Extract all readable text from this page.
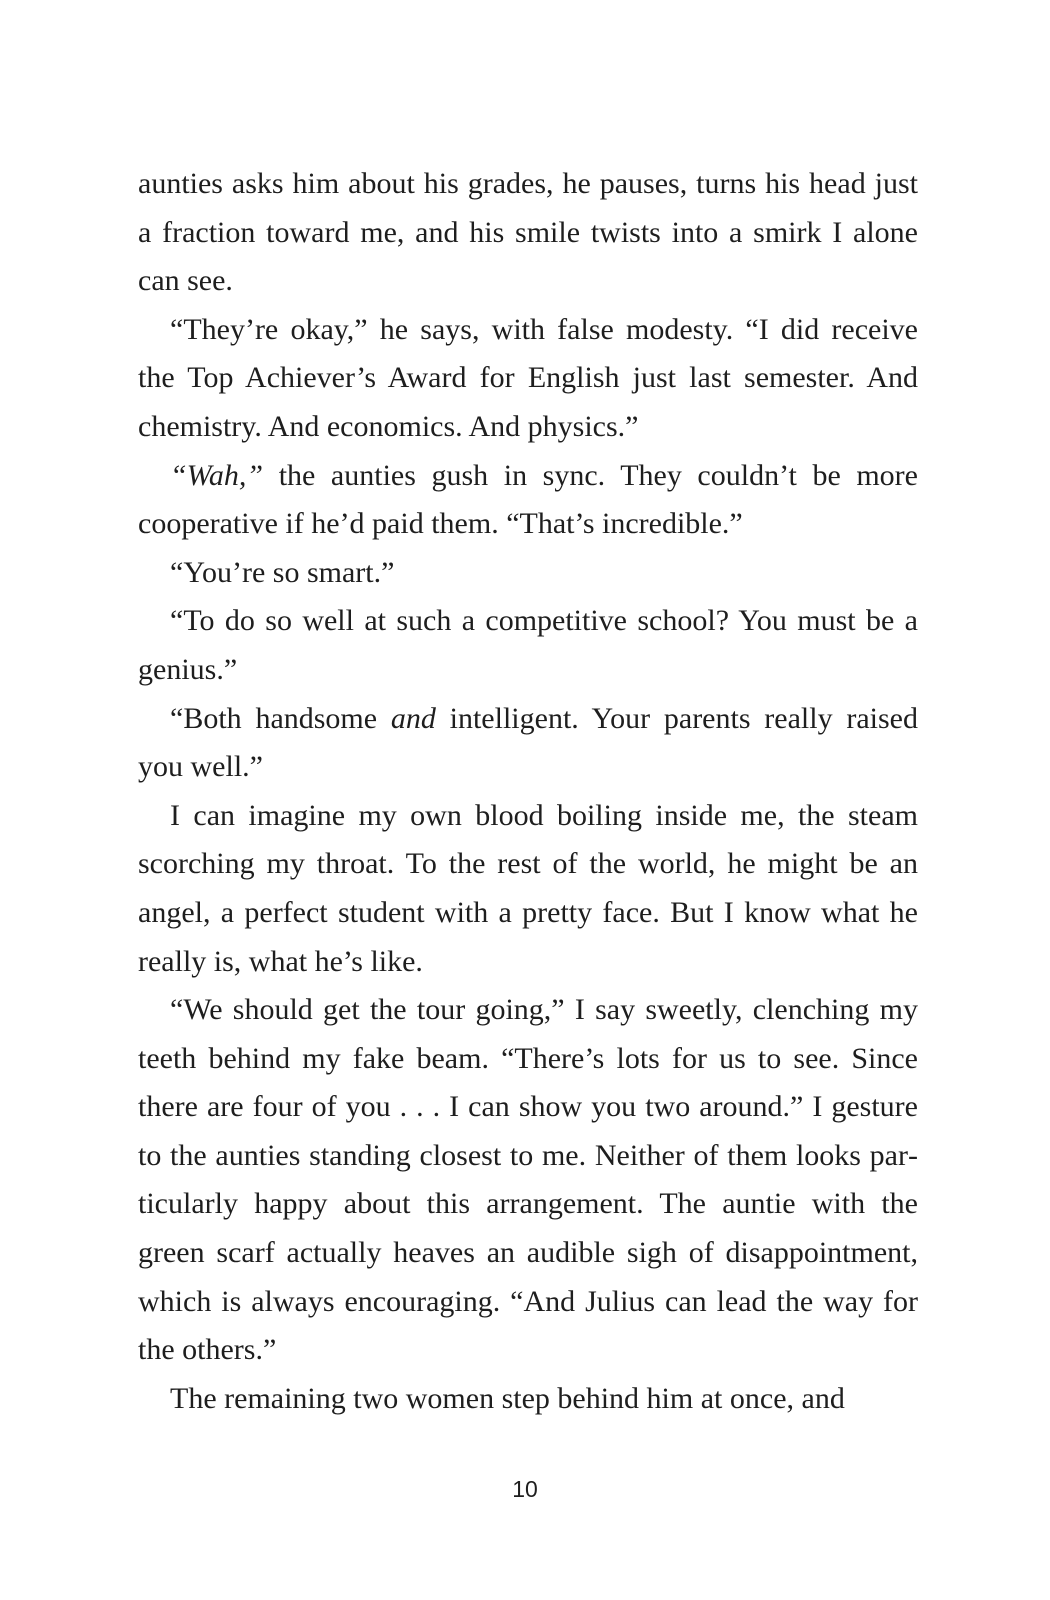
aunties asks him about his grades, he pauses, turns his head just a fraction toward me, and his smile twists into a smirk I alone can see.

“They’re okay,” he says, with false modesty. “I did receive the Top Achiever’s Award for English just last semester. And chemistry. And economics. And physics.”

“Wah,” the aunties gush in sync. They couldn’t be more cooperative if he’d paid them. “That’s incredible.”

“You’re so smart.”

“To do so well at such a competitive school? You must be a genius.”

“Both handsome and intelligent. Your parents really raised you well.”

I can imagine my own blood boiling inside me, the steam scorching my throat. To the rest of the world, he might be an angel, a perfect student with a pretty face. But I know what he really is, what he’s like.

“We should get the tour going,” I say sweetly, clenching my teeth behind my fake beam. “There’s lots for us to see. Since there are four of you . . . I can show you two around.” I gesture to the aunties standing closest to me. Neither of them looks particularly happy about this arrangement. The auntie with the green scarf actually heaves an audible sigh of disappointment, which is always encouraging. “And Julius can lead the way for the others.”

The remaining two women step behind him at once, and

10
